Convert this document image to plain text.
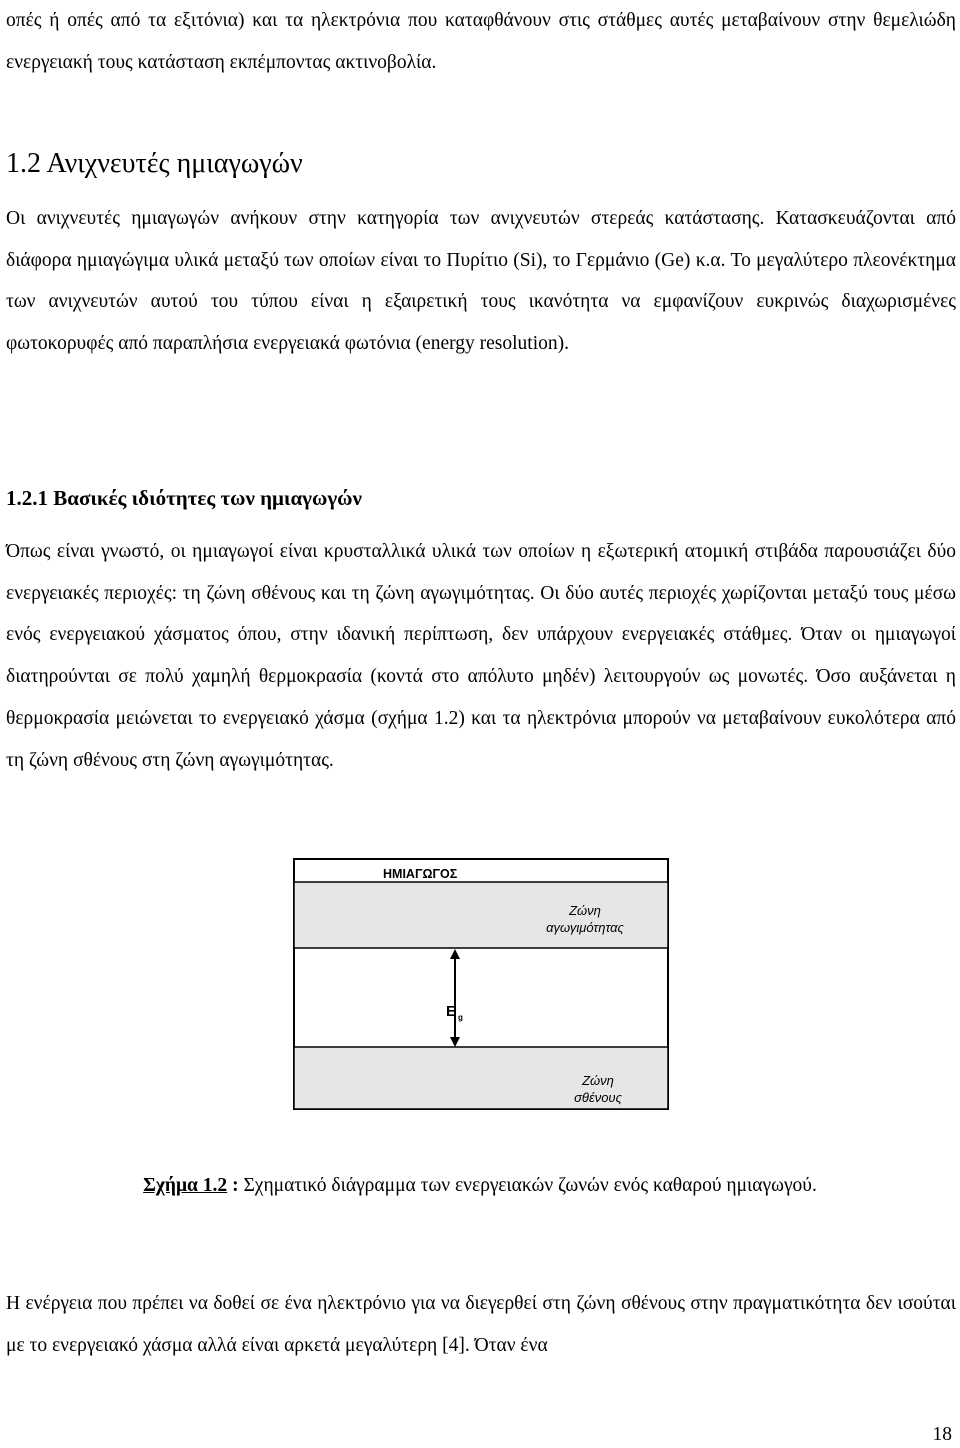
οπές ή οπές από τα εξιτόνια) και τα ηλεκτρόνια που καταφθάνουν στις στάθμες αυτές μεταβαίνουν στην θεμελιώδη ενεργειακή τους κατάσταση εκπέμποντας ακτινοβολία.

1.2 Ανιχνευτές ημιαγωγών

Οι ανιχνευτές ημιαγωγών ανήκουν στην κατηγορία των ανιχνευτών στερεάς κατάστασης. Κατασκευάζονται από διάφορα ημιαγώγιμα υλικά μεταξύ των οποίων είναι το Πυρίτιο (Si), το Γερμάνιο (Ge) κ.α. Το μεγαλύτερο πλεονέκτημα των ανιχνευτών αυτού του τύπου είναι η εξαιρετική τους ικανότητα να εμφανίζουν ευκρινώς διαχωρισμένες φωτοκορυφές από παραπλήσια ενεργειακά φωτόνια (energy resolution).

1.2.1 Βασικές ιδιότητες των ημιαγωγών

Όπως είναι γνωστό, οι ημιαγωγοί είναι κρυσταλλικά υλικά των οποίων η εξωτερική ατομική στιβάδα παρουσιάζει δύο ενεργειακές περιοχές: τη ζώνη σθένους και τη ζώνη αγωγιμότητας. Οι δύο αυτές περιοχές χωρίζονται μεταξύ τους μέσω ενός ενεργειακού χάσματος όπου, στην ιδανική περίπτωση, δεν υπάρχουν ενεργειακές στάθμες. Όταν οι ημιαγωγοί διατηρούνται σε πολύ χαμηλή θερμοκρασία (κοντά στο απόλυτο μηδέν) λειτουργούν ως μονωτές. Όσο αυξάνεται η θερμοκρασία μειώνεται το ενεργειακό χάσμα (σχήμα 1.2) και τα ηλεκτρόνια μπορούν να μεταβαίνουν ευκολότερα από τη ζώνη σθένους στη ζώνη αγωγιμότητας.

ΗΜΙΑΓΩΓΟΣ
Ζώνη
αγωγιμότητας
E g
Ζώνη
σθένους
Σχήμα 1.2 : Σχηματικό διάγραμμα των ενεργειακών ζωνών ενός καθαρού ημιαγωγού.

Η ενέργεια που πρέπει να δοθεί σε ένα ηλεκτρόνιο για να διεγερθεί στη ζώνη σθένους στην πραγματικότητα δεν ισούται με το ενεργειακό χάσμα αλλά είναι αρκετά μεγαλύτερη [4]. Όταν ένα

18
